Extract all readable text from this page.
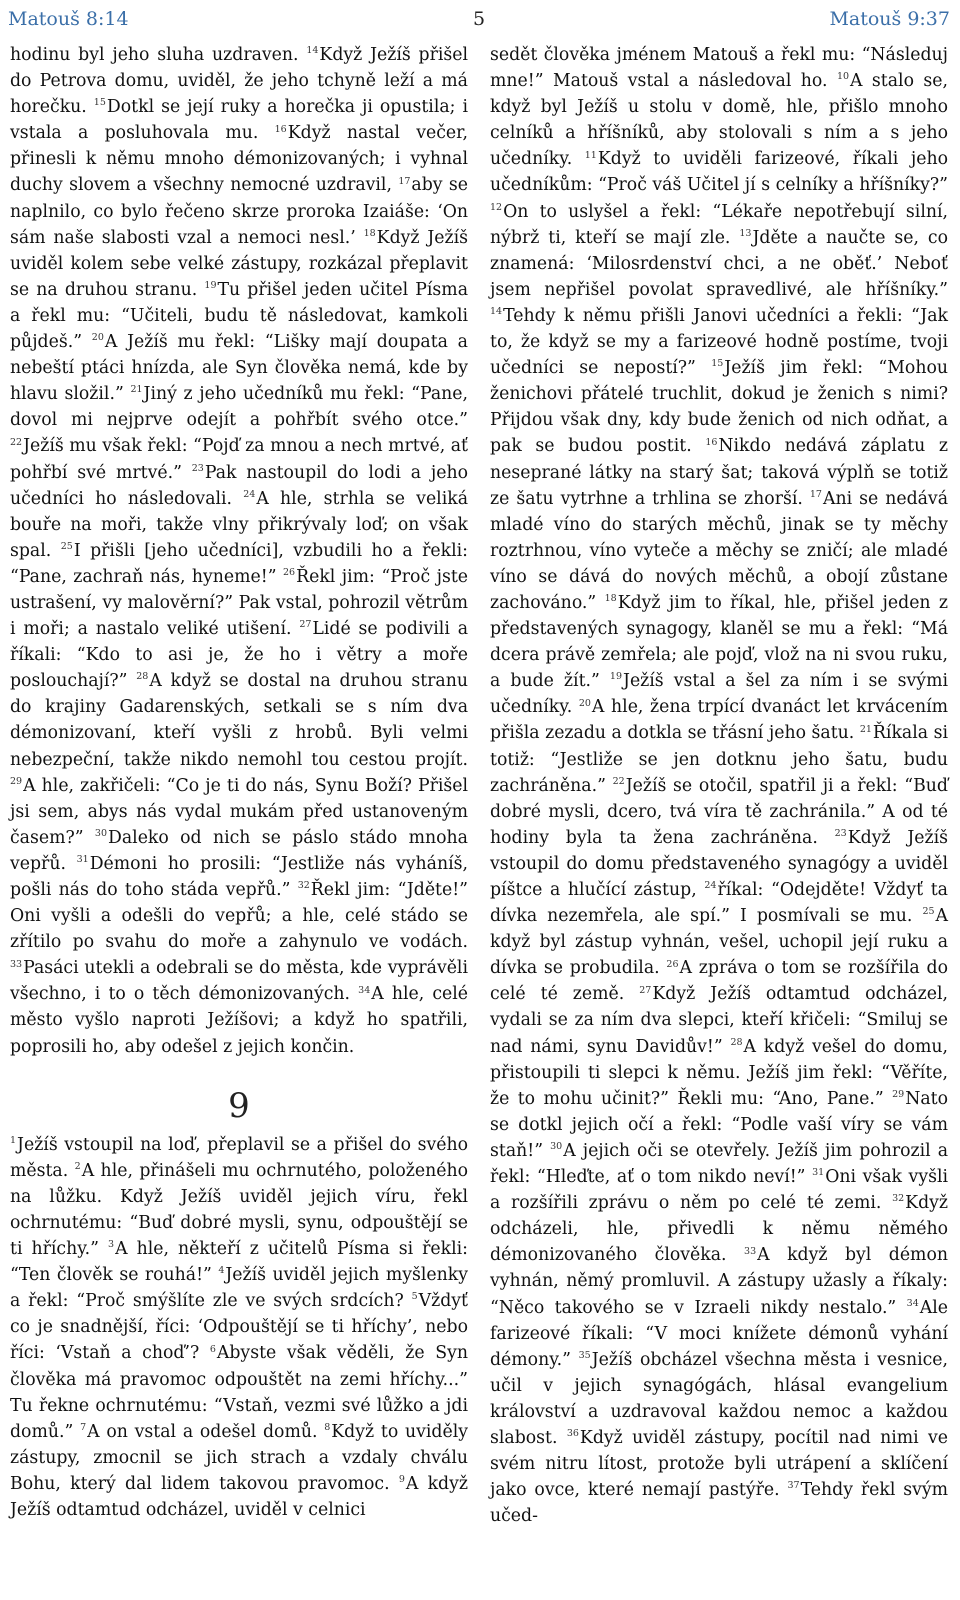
Matouš 8:14	5	Matouš 9:37
hodinu byl jeho sluha uzdraven. $^{14}$Když Ježíš přišel do Petrova domu, uviděl, že jeho tchyně leží a má horečku. $^{15}$Dotkl se její ruky a horečka ji opustila; i vstala a posluhovala mu. $^{16}$Když nastal večer, přinesli k němu mnoho démonizovaných; i vyhnal duchy slovem a všechny nemocné uzdravil, $^{17}$aby se naplnilo, co bylo řečeno skrze proroka Izaiáše: ‘On sám naše slabosti vzal a nemoci nesl.’ $^{18}$Když Ježíš uviděl kolem sebe velké zástupy, rozkázal přeplavit se na druhou stranu. $^{19}$Tu přišel jeden učitel Písma a řekl mu: “Učiteli, budu tě následovat, kamkoli půjdeš.” $^{20}$A Ježíš mu řekl: “Lišky mají doupata a nebeští ptáci hnízda, ale Syn člověka nemá, kde by hlavu složil.” $^{21}$Jiný z jeho učedníků mu řekl: “Pane, dovol mi nejprve odejít a pohřbít svého otce.” $^{22}$Ježíš mu však řekl: “Pojď za mnou a nech mrtvé, ať pohřbí své mrtvé.” $^{23}$Pak nastoupil do lodi a jeho učedníci ho následovali. $^{24}$A hle, strhla se veliká bouře na moři, takže vlny přikrývaly loď; on však spal. $^{25}$I přišli [jeho učedníci], vzbudili ho a řekli: “Pane, zachraň nás, hyneme!” $^{26}$Řekl jim: “Proč jste ustrašení, vy malověrní?” Pak vstal, pohrozil větrům i moři; a nastalo veliké utišení. $^{27}$Lidé se podivili a říkali: “Kdo to asi je, že ho i větry a moře poslouchají?” $^{28}$A když se dostal na druhou stranu do krajiny Gadarenských, setkali se s ním dva démonizovaní, kteří vyšli z hrobů. Byli velmi nebezpeční, takže nikdo nemohl tou cestou projít. $^{29}$A hle, zakřičeli: “Co je ti do nás, Synu Boží? Přišel jsi sem, abys nás vydal mukám před ustanoveným časem?” $^{30}$Daleko od nich se páslo stádo mnoha vepřů. $^{31}$Démoni ho prosili: “Jestliže nás vyháníš, pošli nás do toho stáda vepřů.” $^{32}$Řekl jim: “Jděte!” Oni vyšli a odešli do vepřů; a hle, celé stádo se zřítilo po svahu do moře a zahynulo ve vodách. $^{33}$Pasáci utekli a odebrali se do města, kde vyprávěli všechno, i to o těch démonizovaných. $^{34}$A hle, celé město vyšlo naproti Ježíšovi; a když ho spatřili, poprosili ho, aby odešel z jejich končin.
9
$^1$Ježíš vstoupil na loď, přeplavil se a přišel do svého města. $^2$A hle, přinášeli mu ochrnutého, položeného na lůžku. Když Ježíš uviděl jejich víru, řekl ochrnutému: “Buď dobré mysli, synu, odpouštějí se ti hříchy.” $^3$A hle, někteří z učitelů Písma si řekli: “Ten člověk se rouhá!” $^4$Ježíš uviděl jejich myšlenky a řekl: “Proč smýšlíte zle ve svých srdcích? $^5$Vždyť co je snadnější, říci: ‘Odpouštějí se ti hříchy’, nebo říci: ‘Vstaň a choď’? $^6$Abyste však věděli, že Syn člověka má pravomoc odpouštět na zemi hříchy...” Tu řekne ochrnutému: “Vstaň, vezmi své lůžko a jdi domů.” $^7$A on vstal a odešel domů. $^8$Když to uviděly zástupy, zmocnil se jich strach a vzdaly chválu Bohu, který dal lidem takovou pravomoc. $^9$A když Ježíš odtamtud odcházel, uviděl v celnici
sedět člověka jménem Matouš a řekl mu: “Následuj mne!” Matouš vstal a následoval ho. $^{10}$A stalo se, když byl Ježíš u stolu v domě, hle, přišlo mnoho celníků a hříšníků, aby stolovali s ním a s jeho učedníky. $^{11}$Když to uviděli farizeové, říkali jeho učedníkům: “Proč váš Učitel jí s celníky a hříšníky?” $^{12}$On to uslyšel a řekl: “Lékaře nepotřebují silní, nýbrž ti, kteří se mají zle. $^{13}$Jděte a naučte se, co znamená: ‘Milosrdenství chci, a ne oběť.’ Neboť jsem nepřišel povolat spravedlivé, ale hříšníky.” $^{14}$Tehdy k němu přišli Janovi učedníci a řekli: “Jak to, že když se my a farizeové hodně postíme, tvoji učedníci se nepostí?” $^{15}$Ježíš jim řekl: “Mohou ženichovi přátelé truchlit, dokud je ženich s nimi? Přijdou však dny, kdy bude ženich od nich odňat, a pak se budou postit. $^{16}$Nikdo nedává záplatu z neseprané látky na starý šat; taková výplň se totiž ze šatu vytrhne a trhlina se zhorší. $^{17}$Ani se nedává mladé víno do starých měchů, jinak se ty měchy roztrhnou, víno vyteče a měchy se zničí; ale mladé víno se dává do nových měchů, a obojí zůstane zachováno.” $^{18}$Když jim to říkal, hle, přišel jeden z představených synagogy, klaněl se mu a řekl: “Má dcera právě zemřela; ale pojď, vlož na ni svou ruku, a bude žít.” $^{19}$Ježíš vstal a šel za ním i se svými učedníky. $^{20}$A hle, žena trpící dvanáct let krvácením přišla zezadu a dotkla se třásní jeho šatu. $^{21}$Říkala si totiž: “Jestliže se jen dotknu jeho šatu, budu zachráněna.” $^{22}$Ježíš se otočil, spatřil ji a řekl: “Buď dobré mysli, dcero, tvá víra tě zachránila.” A od té hodiny byla ta žena zachráněna. $^{23}$Když Ježíš vstoupil do domu představeného synagógy a uviděl píštce a hlučící zástup, $^{24}$říkal: “Odejděte! Vždyť ta dívka nezemřela, ale spí.” I posmívali se mu. $^{25}$A když byl zástup vyhnán, vešel, uchopil její ruku a dívka se probudila. $^{26}$A zpráva o tom se rozšířila do celé té země. $^{27}$Když Ježíš odtamtud odcházel, vydali se za ním dva slepci, kteří křičeli: “Smiluj se nad námi, synu Davidův!” $^{28}$A když vešel do domu, přistoupili ti slepci k němu. Ježíš jim řekl: “Věříte, že to mohu učinit?” Řekli mu: “Ano, Pane.” $^{29}$Nato se dotkl jejich očí a řekl: “Podle vaší víry se vám staň!” $^{30}$A jejich oči se otevřely. Ježíš jim pohrozil a řekl: “Hleďte, ať o tom nikdo neví!” $^{31}$Oni však vyšli a rozšířili zprávu o něm po celé té zemi. $^{32}$Když odcházeli, hle, přivedli k němu němého démonizovaného člověka. $^{33}$A když byl démon vyhnán, němý promluvil. A zástupy užasly a říkaly: “Něco takového se v Izraeli nikdy nestalo.” $^{34}$Ale farizeové říkali: “V moci knížete démonů vyhání démony.” $^{35}$Ježíš obcházel všechna města i vesnice, učil v jejich synagógách, hlásal evangelium království a uzdravoval každou nemoc a každou slabost. $^{36}$Když uviděl zástupy, pocítil nad nimi ve svém nitru lítost, protože byli utrápení a sklíčení jako ovce, které nemají pastýře. $^{37}$Tehdy řekl svým učed-
